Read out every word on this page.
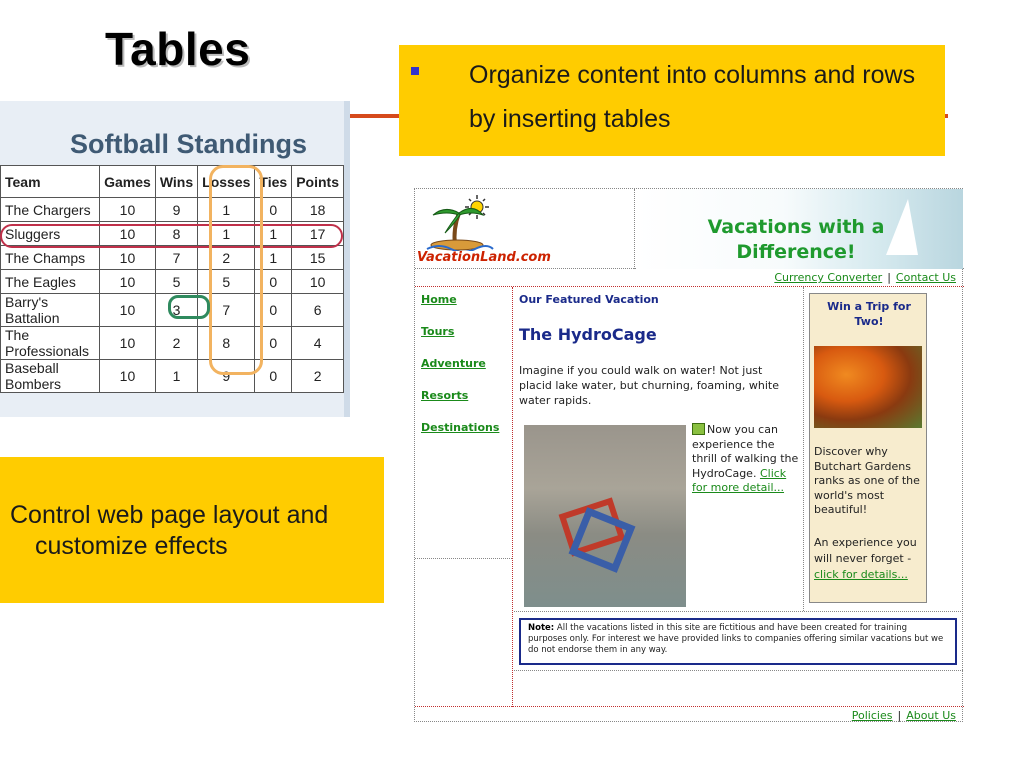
Tables	Organize content into columns and rows by inserting tables
Softball Standings
Team	Games	Wins	Losses	Ties	Points
The Chargers	10	9	1	0	18
Sluggers	10	8	1	1	17
The Champs	10	7	2	1	15
The Eagles	10	5	5	0	10
Barry's Battalion	10	3	7	0	6
The Professionals	10	2	8	0	4
Baseball Bombers	10	1	9	0	2
Control web page layout and customize effects
VacationLand.com
Vacations with a Difference!
Currency Converter | Contact Us
Home
Tours
Adventure
Resorts
Destinations
Our Featured Vacation
The HydroCage
Imagine if you could walk on water! Not just placid lake water, but churning, foaming, white water rapids.
Now you can experience the thrill of walking the HydroCage. Click for more detail...
Win a Trip for Two!
Discover why Butchart Gardens ranks as one of the world's most beautiful!
An experience you will never forget - click for details...
Note: All the vacations listed in this site are fictitious and have been created for training purposes only. For interest we have provided links to companies offering similar vacations but we do not endorse them in any way.
Policies | About Us
